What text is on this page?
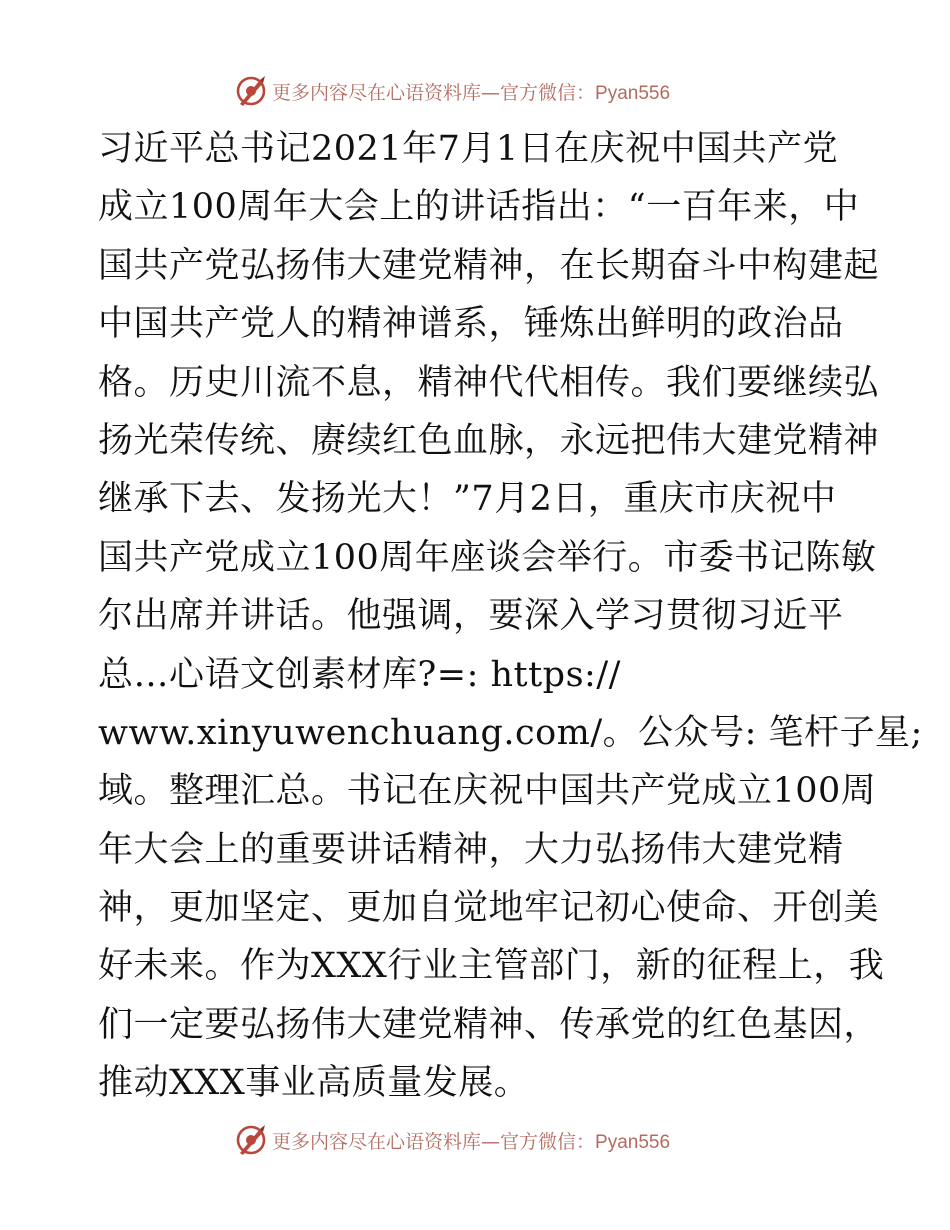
更多内容尽在心语资料库—官方微信：Pyan556
习近平总书记2021年7月1日在庆祝中国共产党
成立100周年大会上的讲话指出：“一百年来，中
国共产党弘扬伟大建党精神，在长期奋斗中构建起
中国共产党人的精神谱系，锤炼出鲜明的政治品
格。历史川流不息，精神代代相传。我们要继续弘
扬光荣传统、赓续红色血脉，永远把伟大建党精神
继承下去、发扬光大！”7月2日，重庆市庆祝中
国共产党成立100周年座谈会举行。市委书记陈敏
尔出席并讲话。他强调，要深入学习贯彻习近平
总…心语文创素材库?=: https://
www.xinyuwenchuang.com/。公众号: 笔杆子星;
域。整理汇总。书记在庆祝中国共产党成立100周
年大会上的重要讲话精神，大力弘扬伟大建党精
神，更加坚定、更加自觉地牢记初心使命、开创美
好未来。作为XXX行业主管部门，新的征程上，我
们一定要弘扬伟大建党精神、传承党的红色基因，
推动XXX事业高质量发展。
更多内容尽在心语资料库—官方微信：Pyan556
